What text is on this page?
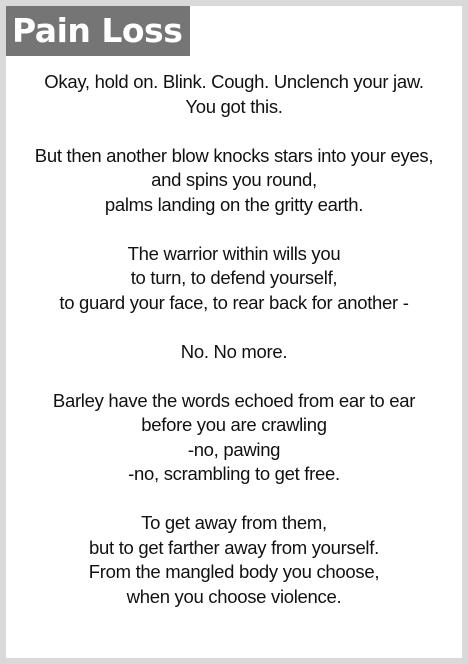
Pain Loss
Okay, hold on. Blink. Cough. Unclench your jaw.
You got this.
But then another blow knocks stars into your eyes,
and spins you round,
palms landing on the gritty earth.
The warrior within wills you
to turn, to defend yourself,
to guard your face, to rear back for another -
No. No more.
Barley have the words echoed from ear to ear
before you are crawling
-no, pawing
-no, scrambling to get free.
To get away from them,
but to get farther away from yourself.
From the mangled body you choose,
when you choose violence.
